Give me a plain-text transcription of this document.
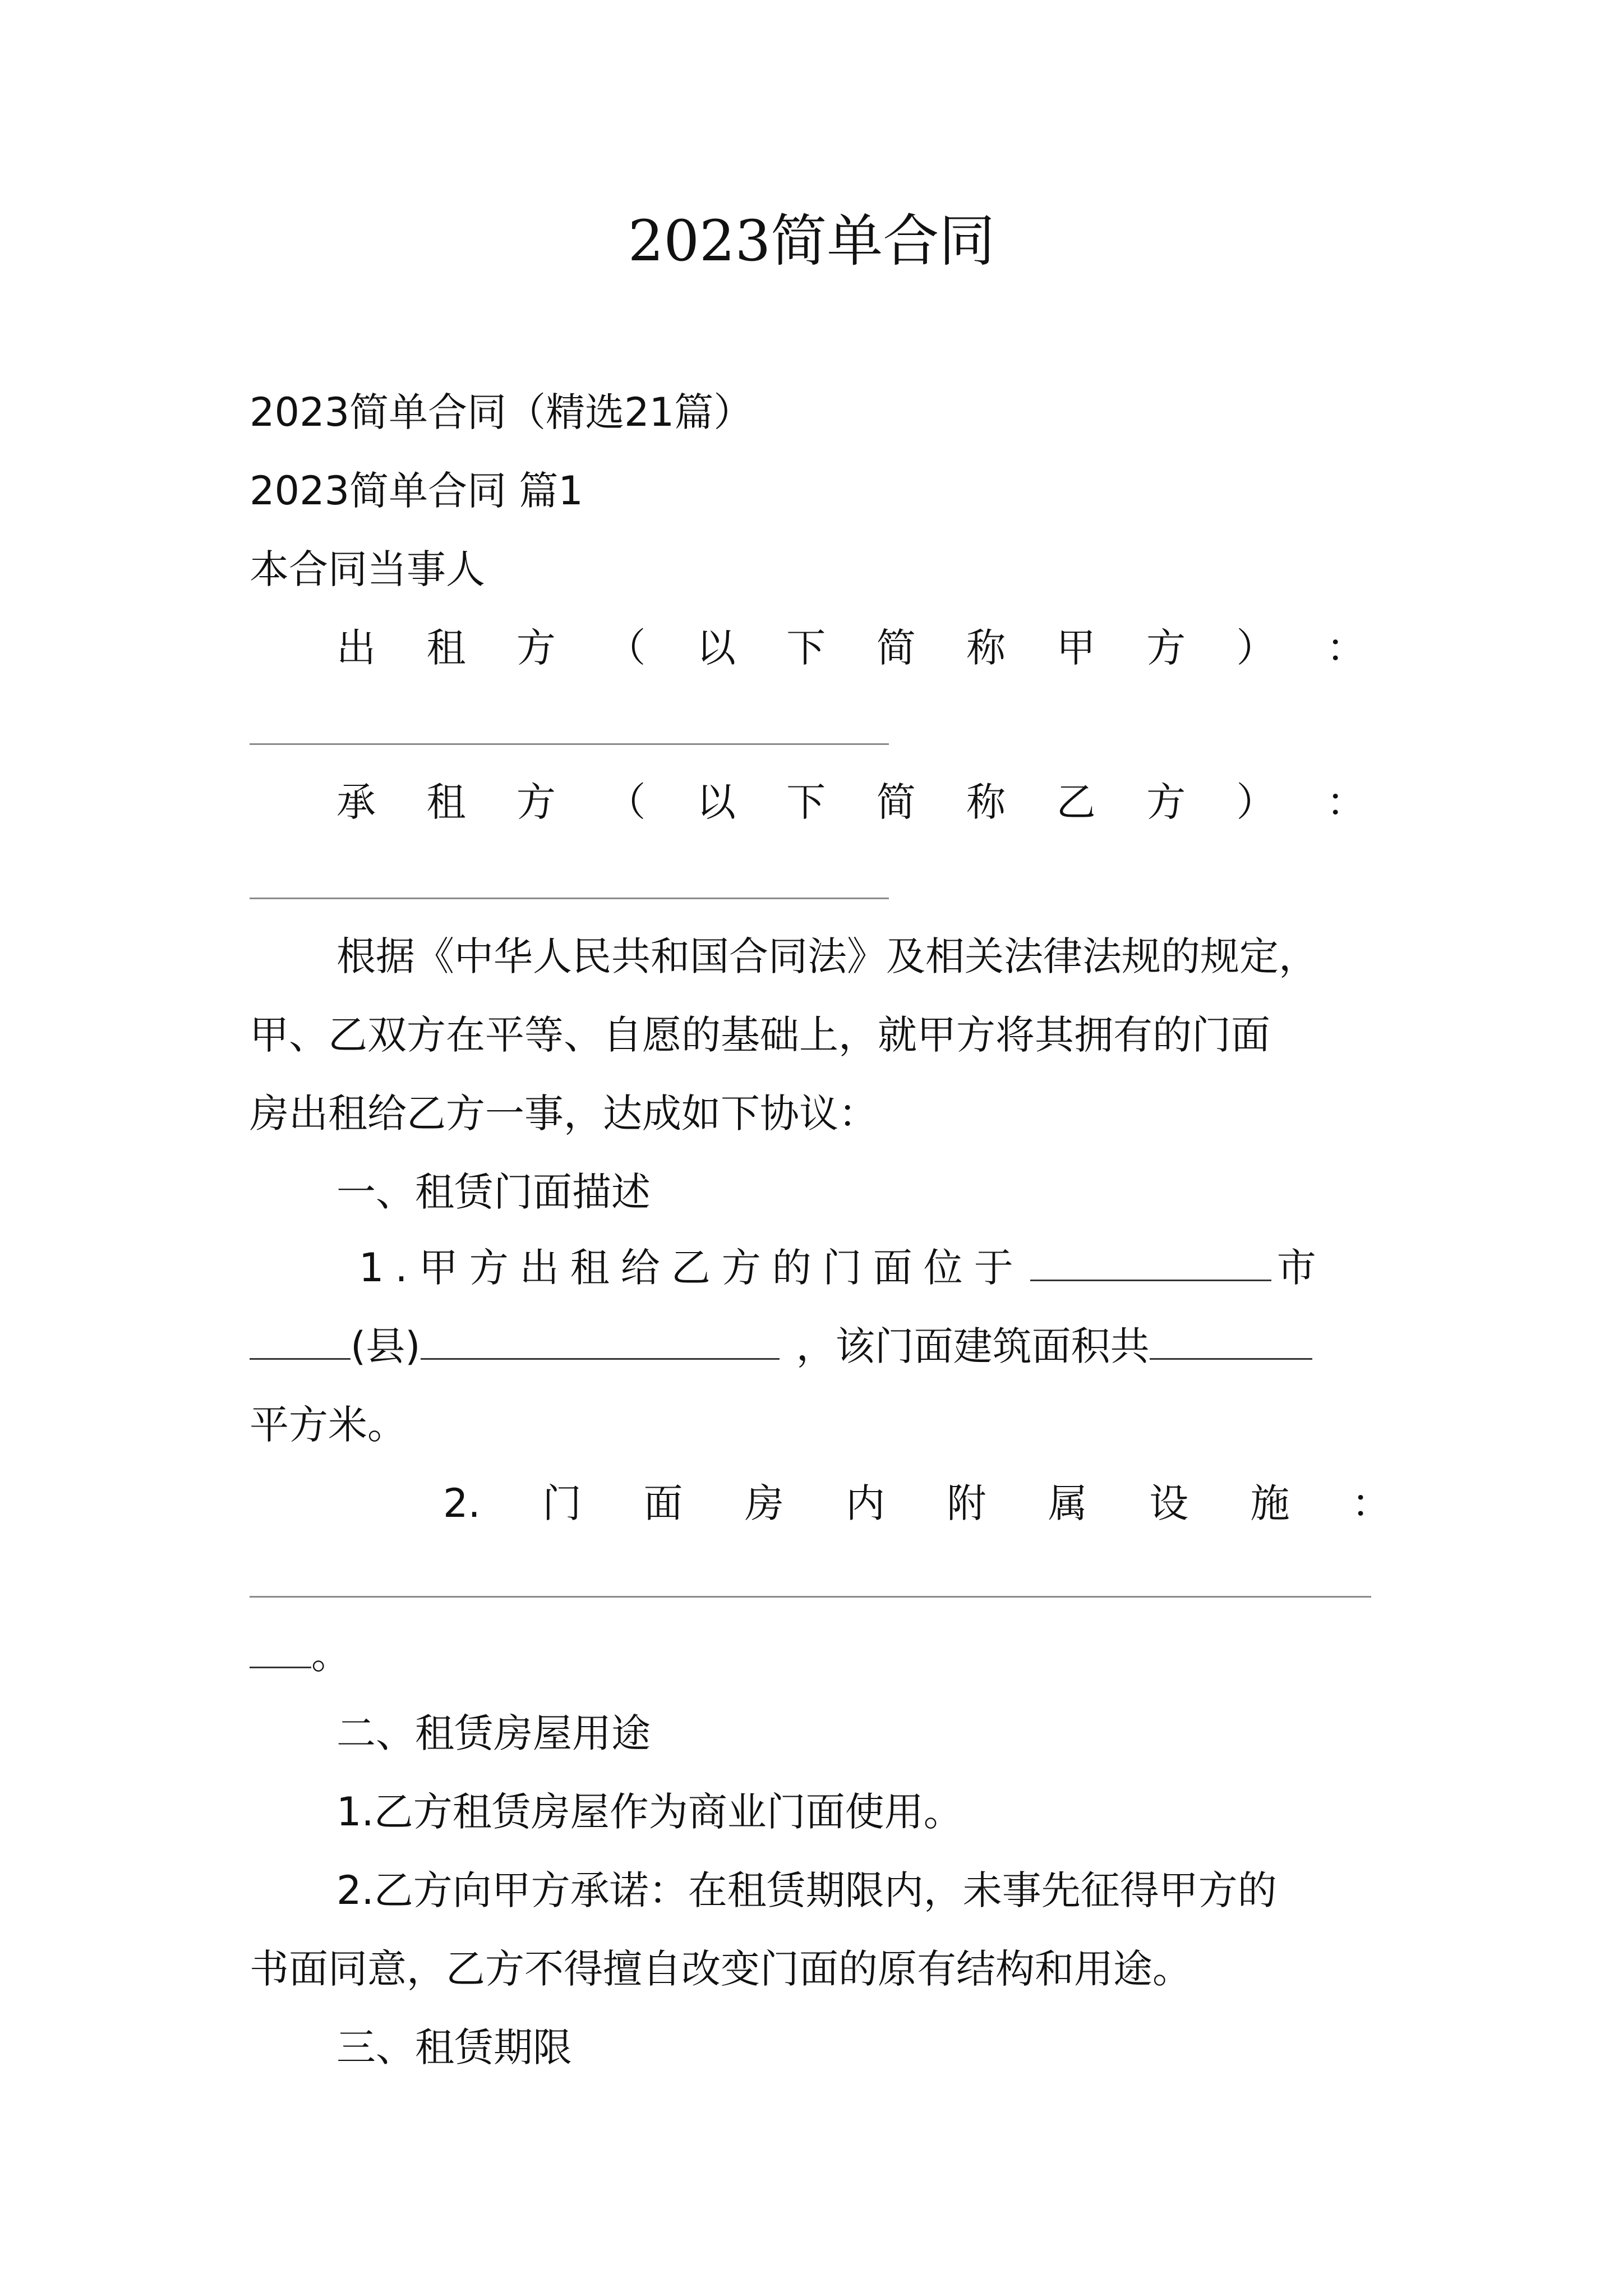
2023简单合同
2023简单合同（精选21篇）
2023简单合同 篇1
本合同当事人
出 租 方 （ 以 下 简 称 甲 方 ） ：
承 租 方 （ 以 下 简 称 乙 方 ） ：
根据《中华人民共和国合同法》及相关法律法规的规定，
甲、乙双方在平等、自愿的基础上，就甲方将其拥有的门面
房出租给乙方一事，达成如下协议：
一、租赁门面描述
1.甲方出租给乙方的门面位于	市
(县)	，该门面建筑面积共
平方米。
2. 门 面 房 内 附 属 设 施 ：
。
二、租赁房屋用途
1.乙方租赁房屋作为商业门面使用。
2.乙方向甲方承诺：在租赁期限内，未事先征得甲方的
书面同意，乙方不得擅自改变门面的原有结构和用途。
三、租赁期限
